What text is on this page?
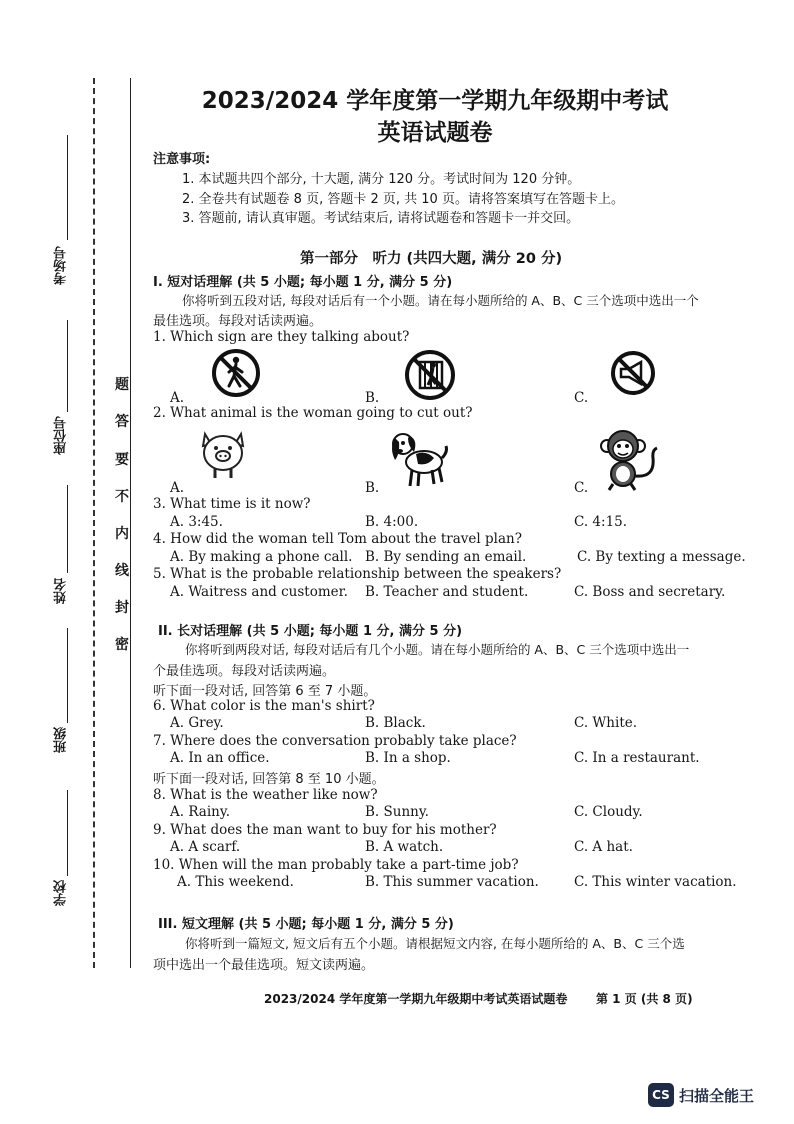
考场号
座位号
姓名
班级
学校
题
答
要
不
内
线
封
密
2023/2024 学年度第一学期九年级期中考试
英语试题卷
注意事项:
1. 本试题共四个部分, 十大题, 满分 120 分。考试时间为 120 分钟。
2. 全卷共有试题卷 8 页, 答题卡 2 页, 共 10 页。请将答案填写在答题卡上。
3. 答题前, 请认真审题。考试结束后, 请将试题卷和答题卡一并交回。
第一部分　听力 (共四大题, 满分 20 分)
I. 短对话理解 (共 5 小题; 每小题 1 分, 满分 5 分)
你将听到五段对话, 每段对话后有一个小题。请在每小题所给的 A、B、C 三个选项中选出一个
最佳选项。每段对话读两遍。
1. Which sign are they talking about?
A.	B.	C.
2. What animal is the woman going to cut out?
A.	B.	C.
3. What time is it now?
A. 3:45.	B. 4:00.	C. 4:15.
4. How did the woman tell Tom about the travel plan?
A. By making a phone call. B. By sending an email.	C. By texting a message.
5. What is the probable relationship between the speakers?
A. Waitress and customer. B. Teacher and student.	C. Boss and secretary.
II. 长对话理解 (共 5 小题; 每小题 1 分, 满分 5 分)
你将听到两段对话, 每段对话后有几个小题。请在每小题所给的 A、B、C 三个选项中选出一
个最佳选项。每段对话读两遍。
听下面一段对话, 回答第 6 至 7 小题。
6. What color is the man's shirt?
A. Grey.	B. Black.	C. White.
7. Where does the conversation probably take place?
A. In an office.	B. In a shop.	C. In a restaurant.
听下面一段对话, 回答第 8 至 10 小题。
8. What is the weather like now?
A. Rainy.	B. Sunny.	C. Cloudy.
9. What does the man want to buy for his mother?
A. A scarf.	B. A watch.	C. A hat.
10. When will the man probably take a part-time job?
A. This weekend.	B. This summer vacation.	C. This winter vacation.
III. 短文理解 (共 5 小题; 每小题 1 分, 满分 5 分)
你将听到一篇短文, 短文后有五个小题。请根据短文内容, 在每小题所给的 A、B、C 三个选
项中选出一个最佳选项。短文读两遍。
2023/2024 学年度第一学期九年级期中考试英语试题卷 第 1 页 (共 8 页)
CS 扫描全能王
